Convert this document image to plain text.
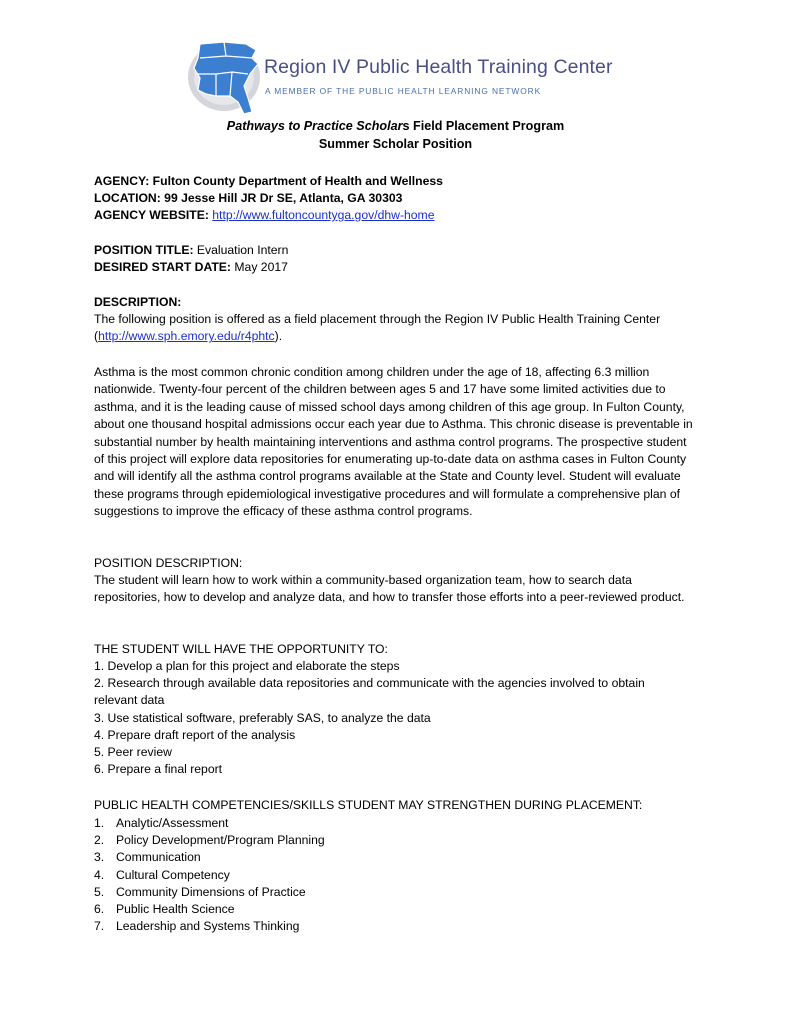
Region IV Public Health Training Center
A MEMBER OF THE PUBLIC HEALTH LEARNING NETWORK
Pathways to Practice Scholars Field Placement Program
Summer Scholar Position
AGENCY: Fulton County Department of Health and Wellness
LOCATION: 99 Jesse Hill JR Dr SE, Atlanta, GA 30303
AGENCY WEBSITE: http://www.fultoncountyga.gov/dhw-home
POSITION TITLE: Evaluation Intern
DESIRED START DATE: May 2017
DESCRIPTION:
The following position is offered as a field placement through the Region IV Public Health Training Center (http://www.sph.emory.edu/r4phtc).
Asthma is the most common chronic condition among children under the age of 18, affecting 6.3 million nationwide. Twenty-four percent of the children between ages 5 and 17 have some limited activities due to asthma, and it is the leading cause of missed school days among children of this age group. In Fulton County, about one thousand hospital admissions occur each year due to Asthma. This chronic disease is preventable in substantial number by health maintaining interventions and asthma control programs. The prospective student of this project will explore data repositories for enumerating up-to-date data on asthma cases in Fulton County and will identify all the asthma control programs available at the State and County level. Student will evaluate these programs through epidemiological investigative procedures and will formulate a comprehensive plan of suggestions to improve the efficacy of these asthma control programs.
POSITION DESCRIPTION:
The student will learn how to work within a community-based organization team, how to search data repositories, how to develop and analyze data, and how to transfer those efforts into a peer-reviewed product.
THE STUDENT WILL HAVE THE OPPORTUNITY TO:
1. Develop a plan for this project and elaborate the steps
2. Research through available data repositories and communicate with the agencies involved to obtain
relevant data
3. Use statistical software, preferably SAS, to analyze the data
4. Prepare draft report of the analysis
5. Peer review
6. Prepare a final report
PUBLIC HEALTH COMPETENCIES/SKILLS STUDENT MAY STRENGTHEN DURING PLACEMENT:
1. Analytic/Assessment
2. Policy Development/Program Planning
3. Communication
4. Cultural Competency
5. Community Dimensions of Practice
6. Public Health Science
7. Leadership and Systems Thinking
